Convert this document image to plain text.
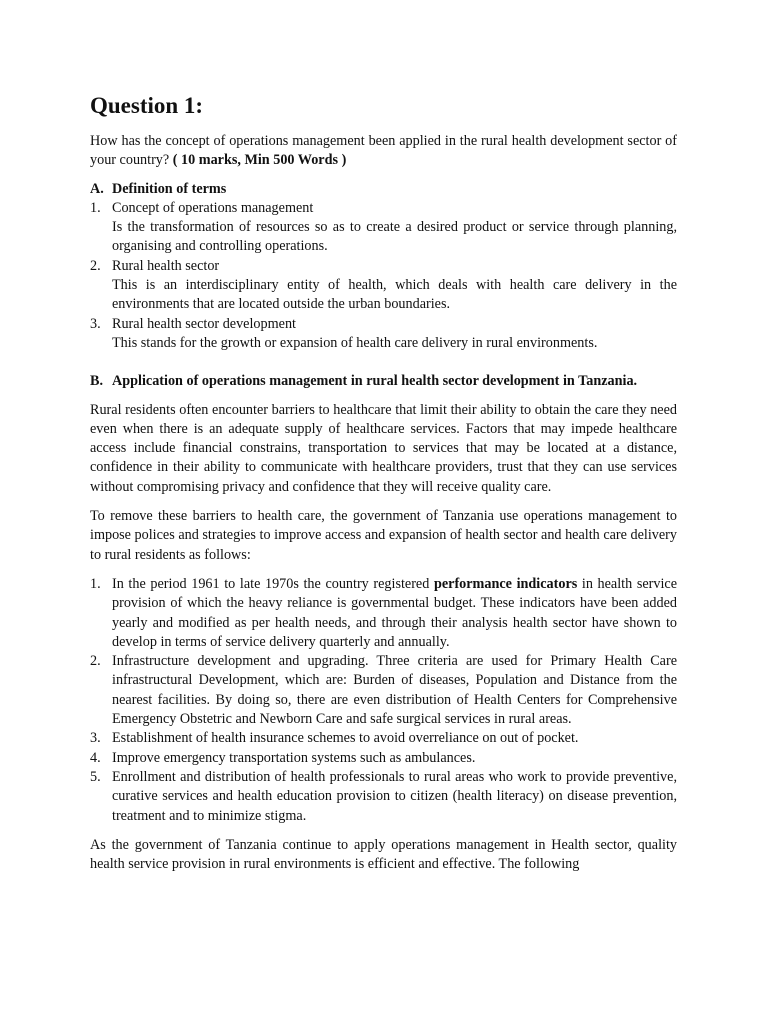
Question 1:

How has the concept of operations management been applied in the rural health development sector of your country? ( 10 marks, Min 500 Words )

A. Definition of terms
1. Concept of operations management
Is the transformation of resources so as to create a desired product or service through planning, organising and controlling operations.
2. Rural health sector
This is an interdisciplinary entity of health, which deals with health care delivery in the environments that are located outside the urban boundaries.
3. Rural health sector development
This stands for the growth or expansion of health care delivery in rural environments.
B. Application of operations management in rural health sector development in Tanzania.

Rural residents often encounter barriers to healthcare that limit their ability to obtain the care they need even when there is an adequate supply of healthcare services. Factors that may impede healthcare access include financial constrains, transportation to services that may be located at a distance, confidence in their ability to communicate with healthcare providers, trust that they can use services without compromising privacy and confidence that they will receive quality care.

To remove these barriers to health care, the government of Tanzania use operations management to impose polices and strategies to improve access and expansion of health sector and health care delivery to rural residents as follows:

1. In the period 1961 to late 1970s the country registered performance indicators in health service provision of which the heavy reliance is governmental budget. These indicators have been added yearly and modified as per health needs, and through their analysis health sector have shown to develop in terms of service delivery quarterly and annually.
2. Infrastructure development and upgrading. Three criteria are used for Primary Health Care infrastructural Development, which are: Burden of diseases, Population and Distance from the nearest facilities. By doing so, there are even distribution of Health Centers for Comprehensive Emergency Obstetric and Newborn Care and safe surgical services in rural areas.
3. Establishment of health insurance schemes to avoid overreliance on out of pocket.
4. Improve emergency transportation systems such as ambulances.
5. Enrollment and distribution of health professionals to rural areas who work to provide preventive, curative services and health education provision to citizen (health literacy) on disease prevention, treatment and to minimize stigma.

As the government of Tanzania continue to apply operations management in Health sector, quality health service provision in rural environments is efficient and effective. The following
